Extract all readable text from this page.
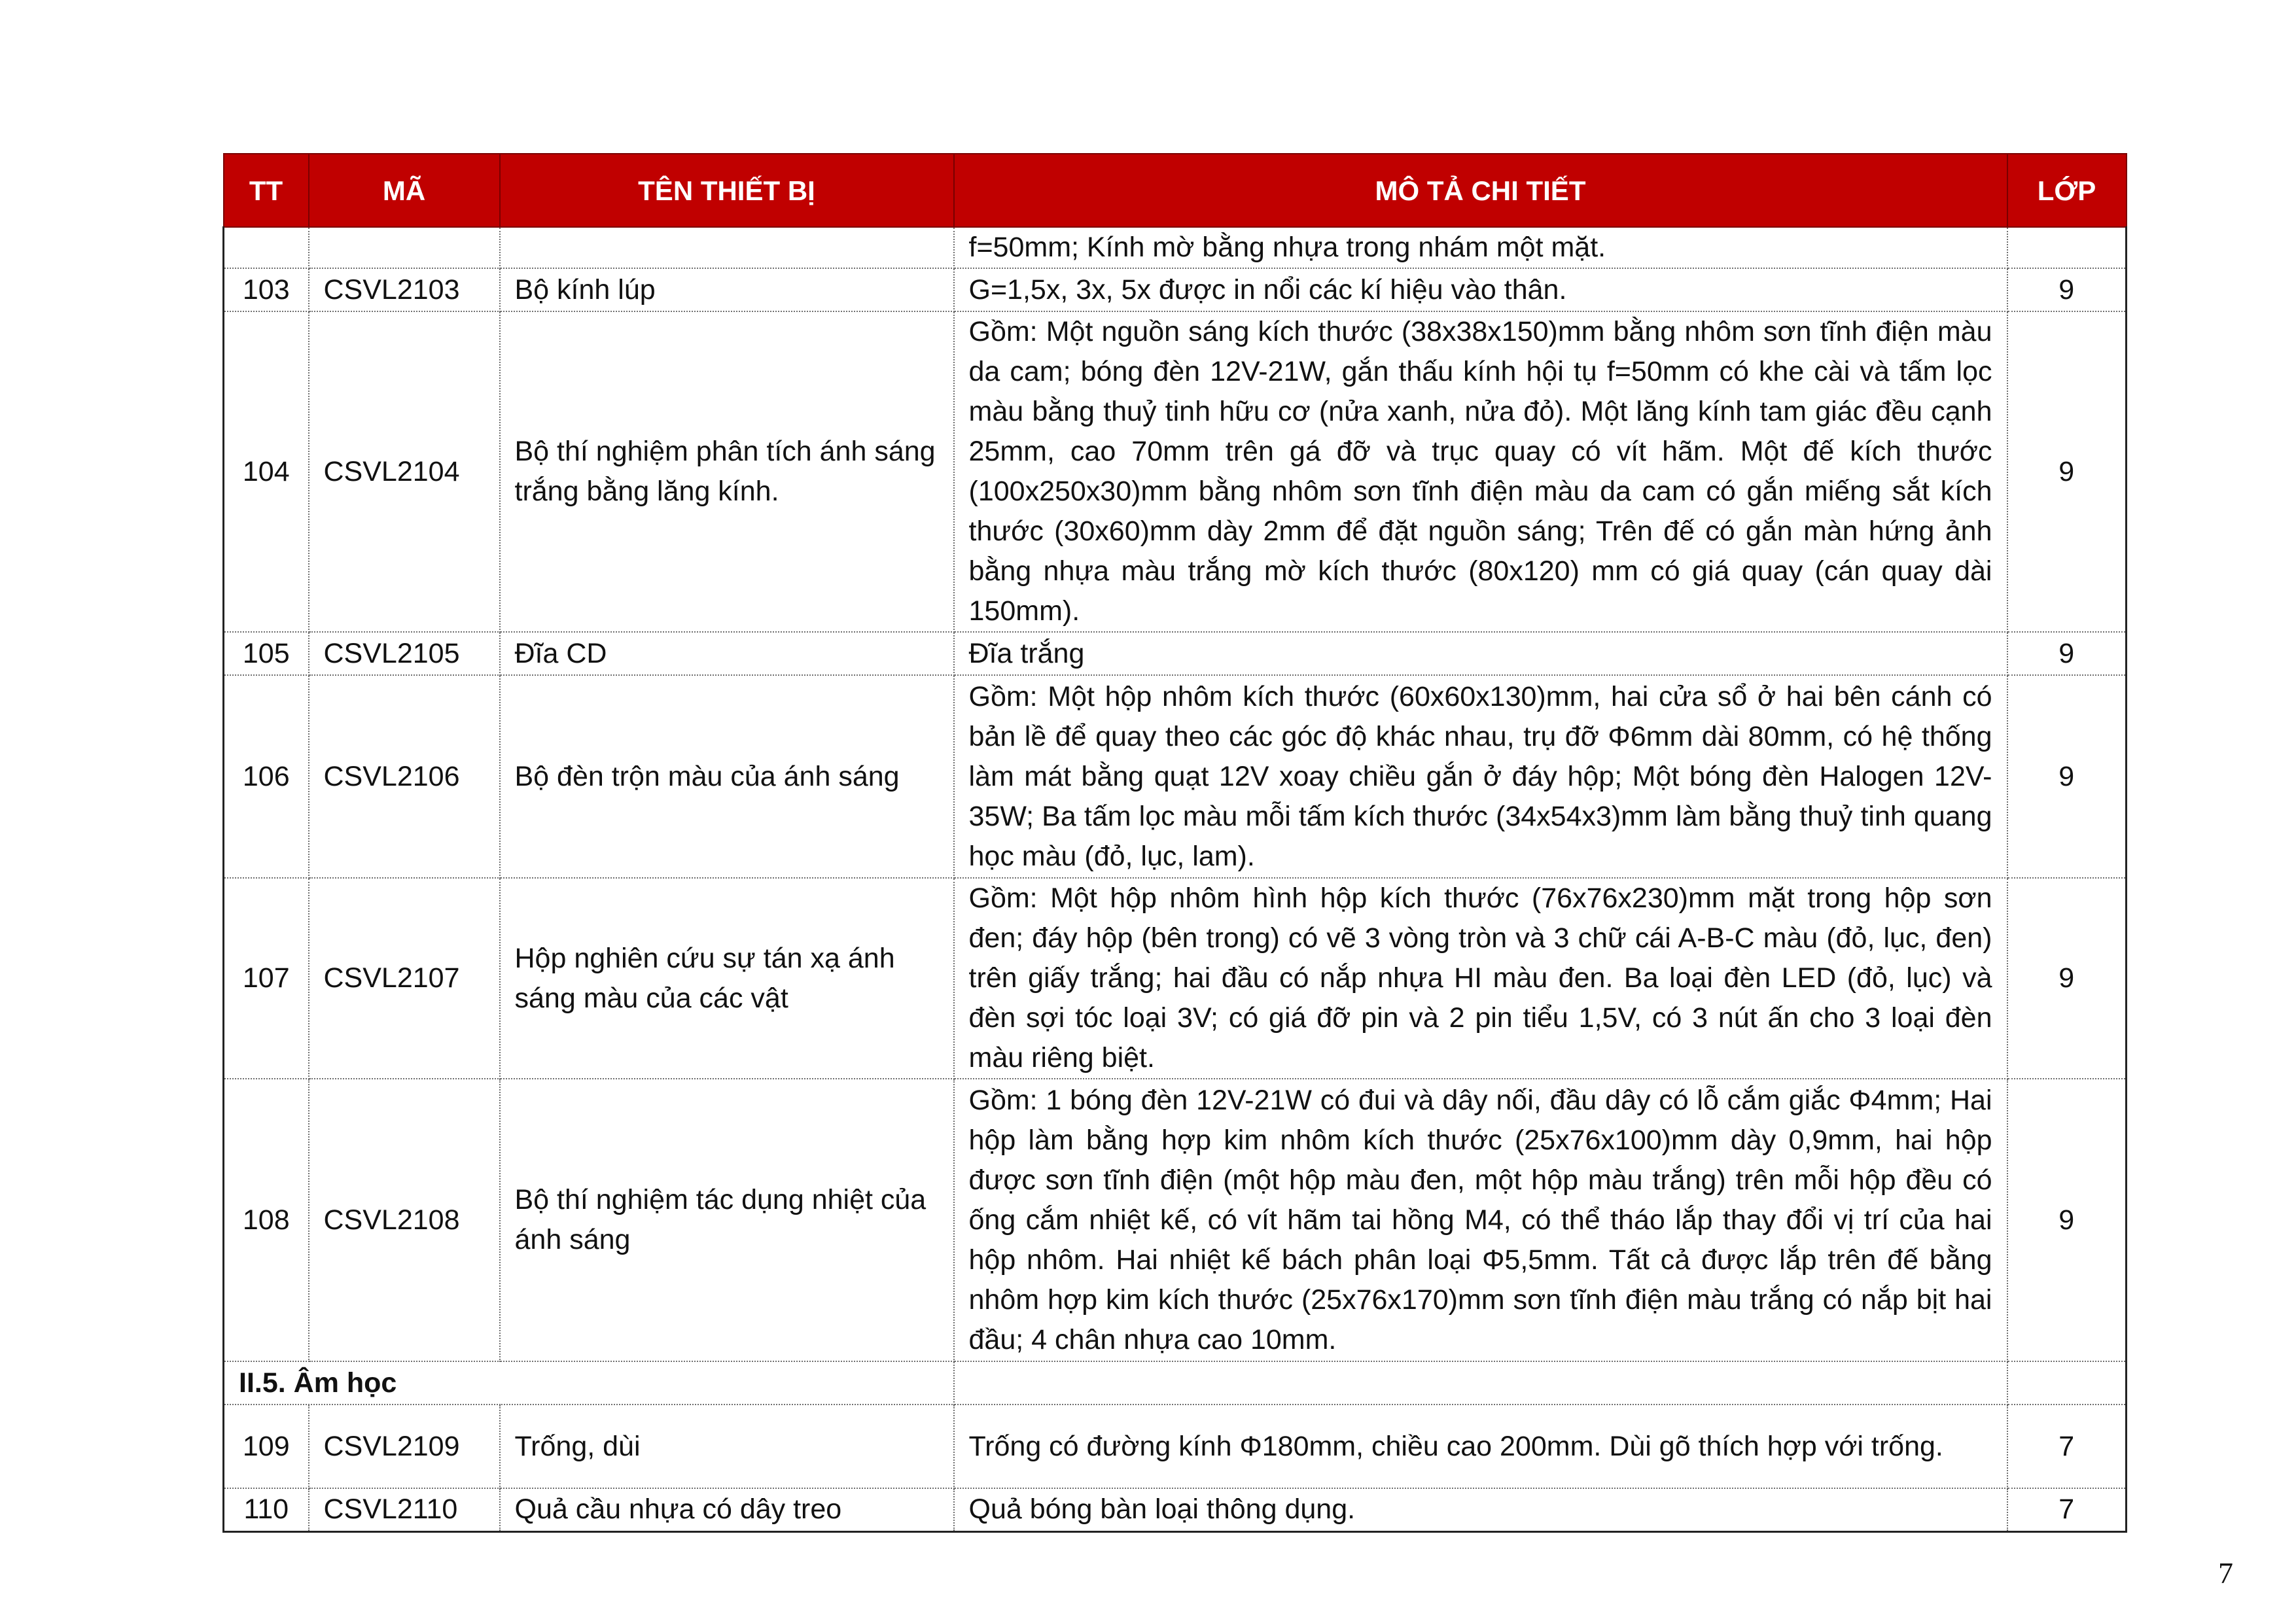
TT	MÃ	TÊN THIẾT BỊ	MÔ TẢ CHI TIẾT	LỚP
			f=50mm; Kính mờ bằng nhựa trong nhám một mặt.	
103	CSVL2103	Bộ kính lúp	G=1,5x, 3x, 5x được in nổi các kí hiệu vào thân.	9
104	CSVL2104	Bộ thí nghiệm phân tích ánh sáng trắng bằng lăng kính.	Gồm: Một nguồn sáng kích thước (38x38x150)mm bằng nhôm sơn tĩnh điện màu da cam; bóng đèn 12V-21W, gắn thấu kính hội tụ f=50mm có khe cài và tấm lọc màu bằng thuỷ tinh hữu cơ (nửa xanh, nửa đỏ). Một lăng kính tam giác đều cạnh 25mm, cao 70mm trên gá đỡ và trục quay có vít hãm. Một đế kích thước (100x250x30)mm bằng nhôm sơn tĩnh điện màu da cam có gắn miếng sắt kích thước (30x60)mm dày 2mm để đặt nguồn sáng; Trên đế có gắn màn hứng ảnh bằng nhựa màu trắng mờ kích thước (80x120) mm có giá quay (cán quay dài 150mm).	9
105	CSVL2105	Đĩa CD	Đĩa trắng	9
106	CSVL2106	Bộ đèn trộn màu của ánh sáng	Gồm: Một hộp nhôm kích thước (60x60x130)mm, hai cửa sổ ở hai bên cánh có bản lề để quay theo các góc độ khác nhau, trụ đỡ Φ6mm dài 80mm, có hệ thống làm mát bằng quạt 12V xoay chiều gắn ở đáy hộp; Một bóng đèn Halogen 12V-35W; Ba tấm lọc màu mỗi tấm kích thước (34x54x3)mm làm bằng thuỷ tinh quang học màu (đỏ, lục, lam).	9
107	CSVL2107	Hộp nghiên cứu sự tán xạ ánh sáng màu của các vật	Gồm: Một hộp nhôm hình hộp kích thước (76x76x230)mm mặt trong hộp sơn đen; đáy hộp (bên trong) có vẽ 3 vòng tròn và 3 chữ cái A-B-C màu (đỏ, lục, đen) trên giấy trắng; hai đầu có nắp nhựa HI màu đen. Ba loại đèn LED (đỏ, lục) và đèn sợi tóc loại 3V; có giá đỡ pin và 2 pin tiểu 1,5V, có 3 nút ấn cho 3 loại đèn màu riêng biệt.	9
108	CSVL2108	Bộ thí nghiệm tác dụng nhiệt của ánh sáng	Gồm: 1 bóng đèn 12V-21W có đui và dây nối, đầu dây có lỗ cắm giắc Φ4mm; Hai hộp làm bằng hợp kim nhôm kích thước (25x76x100)mm dày 0,9mm, hai hộp được sơn tĩnh điện (một hộp màu đen, một hộp màu trắng) trên mỗi hộp đều có ống cắm nhiệt kế, có vít hãm tai hồng M4, có thể tháo lắp thay đổi vị trí của hai hộp nhôm. Hai nhiệt kế bách phân loại Φ5,5mm. Tất cả được lắp trên đế bằng nhôm hợp kim kích thước (25x76x170)mm sơn tĩnh điện màu trắng có nắp bịt hai đầu; 4 chân nhựa cao 10mm.	9
II.5. Âm học				
109	CSVL2109	Trống, dùi	Trống có đường kính Φ180mm, chiều cao 200mm. Dùi gõ thích hợp với trống.	7
110	CSVL2110	Quả cầu nhựa có dây treo	Quả bóng bàn loại thông dụng.	7
7
